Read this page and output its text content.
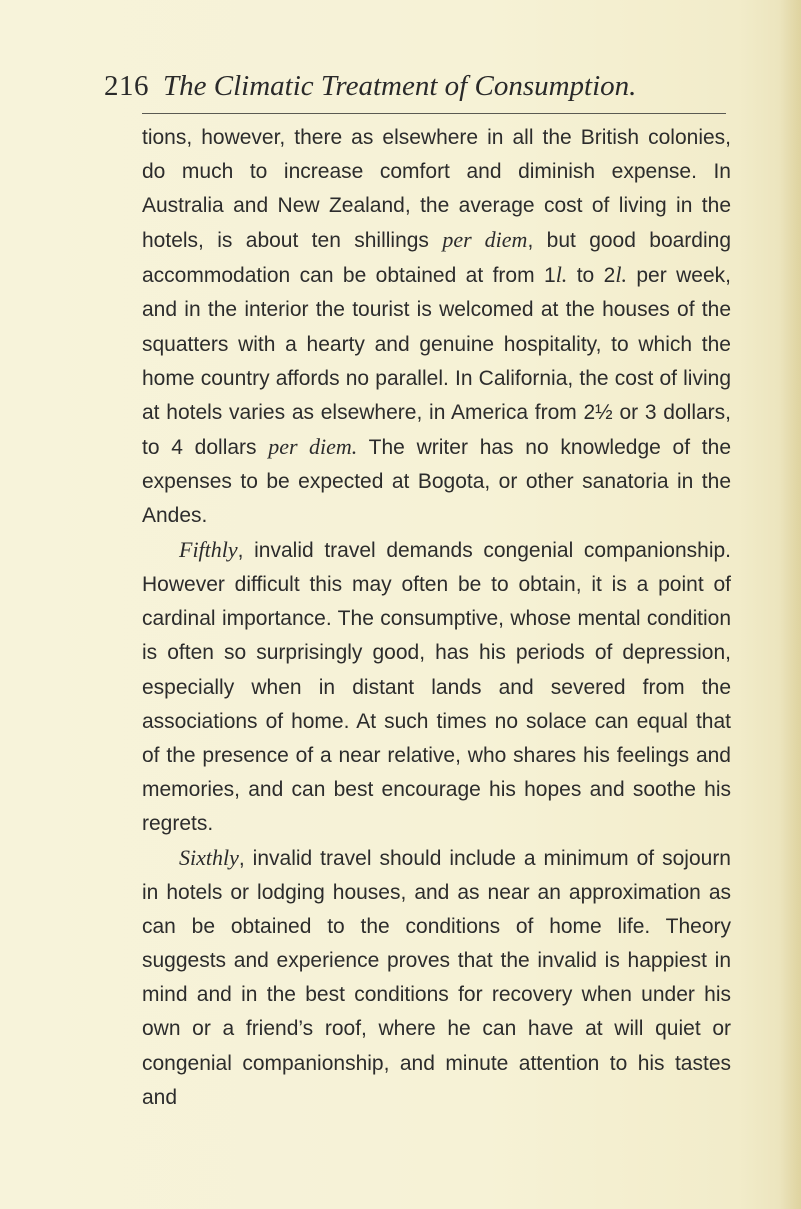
216 The Climatic Treatment of Consumption.

tions, however, there as elsewhere in all the British colonies, do much to increase comfort and diminish expense. In Australia and New Zealand, the average cost of living in the hotels, is about ten shillings per diem, but good boarding accommodation can be obtained at from 1l. to 2l. per week, and in the interior the tourist is welcomed at the houses of the squatters with a hearty and genuine hospitality, to which the home country affords no parallel. In California, the cost of living at hotels varies as elsewhere, in America from 2½ or 3 dollars, to 4 dollars per diem. The writer has no knowledge of the expenses to be expected at Bogota, or other sanatoria in the Andes.

Fifthly, invalid travel demands congenial companionship. However difficult this may often be to obtain, it is a point of cardinal importance. The consumptive, whose mental condition is often so surprisingly good, has his periods of depression, especially when in distant lands and severed from the associations of home. At such times no solace can equal that of the presence of a near relative, who shares his feelings and memories, and can best encourage his hopes and soothe his regrets.

Sixthly, invalid travel should include a minimum of sojourn in hotels or lodging houses, and as near an approximation as can be obtained to the conditions of home life. Theory suggests and experience proves that the invalid is happiest in mind and in the best conditions for recovery when under his own or a friend’s roof, where he can have at will quiet or congenial companionship, and minute attention to his tastes and
